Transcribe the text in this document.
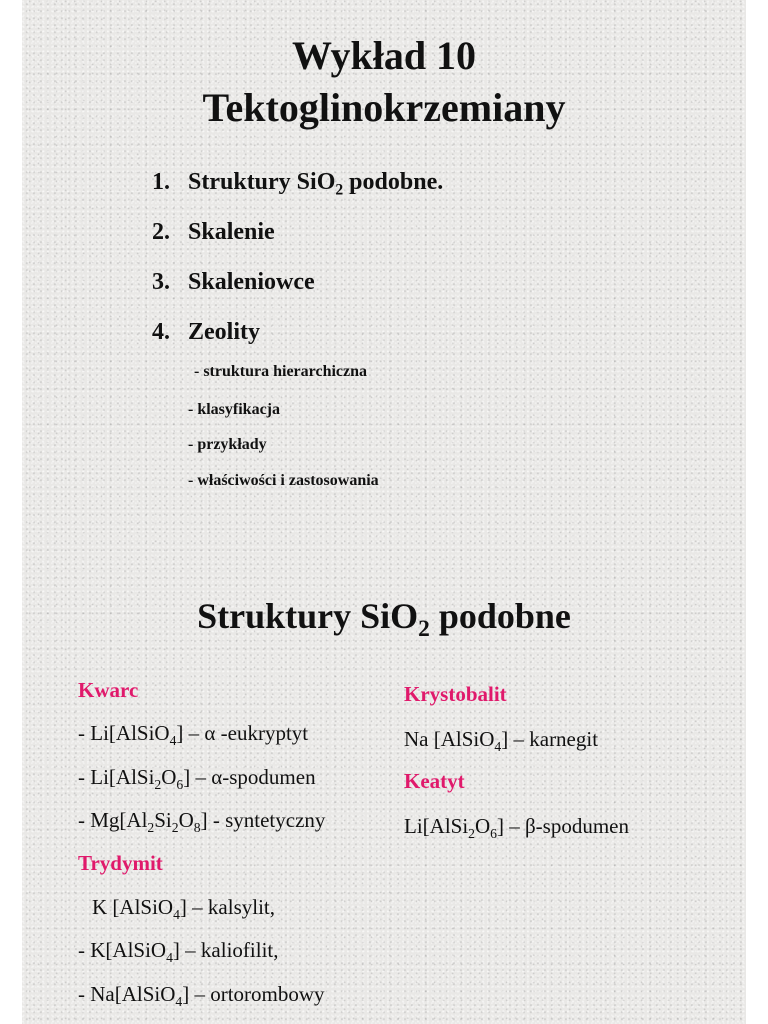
Wykład 10
Tektoglinokrzemiany
1. Struktury SiO$_2$ podobne.
2. Skalenie
3. Skaleniowce
4. Zeolity
- struktura hierarchiczna
- klasyfikacja
- przykłady
- właściwości i zastosowania
Struktury SiO$_2$ podobne
Kwarc
- Li[AlSiO$_4$] – α -eukryptyt
- $Li[AlSi_2O_6]$ – α-spodumen
- $Mg[Al_2Si_2O_8]$ - syntetyczny
Trydymit
K [AlSiO$_4$] – kalsylit,
- K[AlSiO$_4$] – kaliofilit,
- Na[AlSiO$_4$] – ortorombowy
Krystobalit
Na [AlSiO$_4$] – karnegit
Keatyt
$Li[AlSi_2O_6]$ – β-spodumen
